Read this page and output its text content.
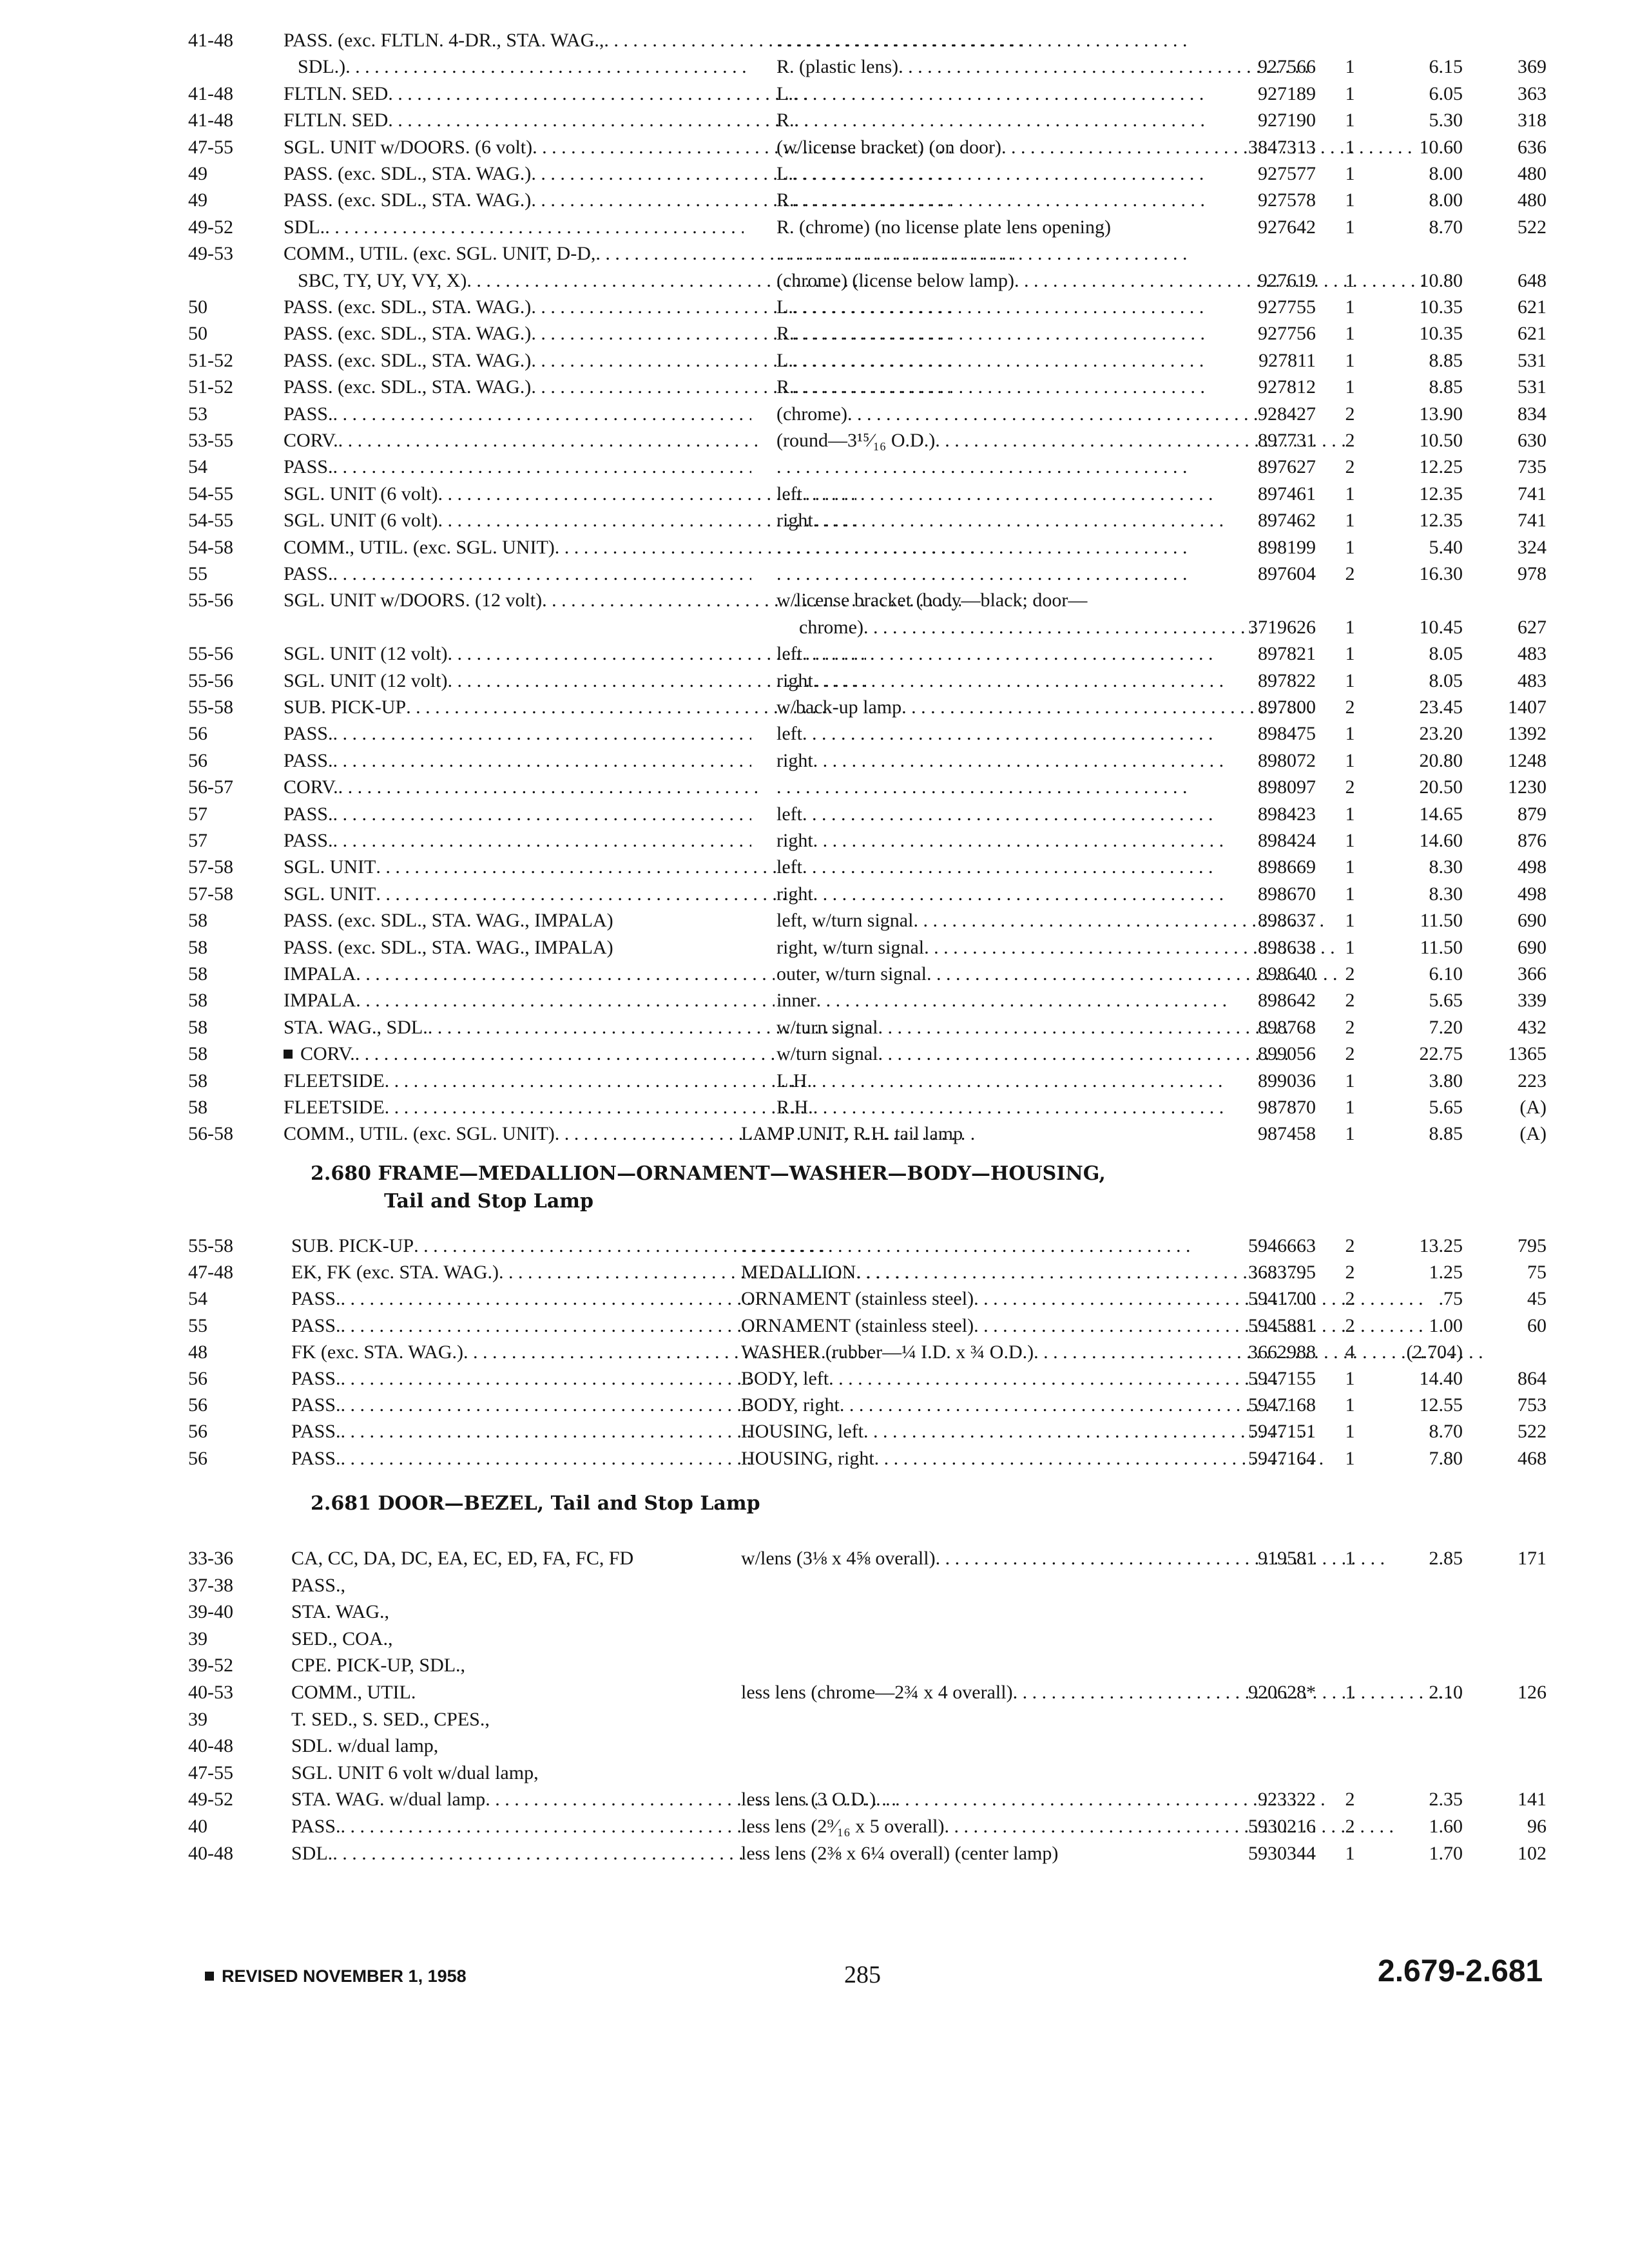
41-48	PASS. (exc. FLTLN. 4-DR., STA. WAG.,. . .
. . .
SDL.) . . .	R. (plastic lens) . . .	927566	1	6.15	369
41-48	FLTLN. SED . . .	L. . . .	927189	1	6.05	363
41-48	FLTLN. SED . . .	R. . . .	927190	1	5.30	318
47-55	SGL. UNIT w/DOORS. (6 volt) . . .	(w/license bracket) (on door) . . .	3847313	1	10.60	636
49	PASS. (exc. SDL., STA. WAG.) . . .	L. . . .	927577	1	8.00	480
49	PASS. (exc. SDL., STA. WAG.) . . .	R. . . .	927578	1	8.00	480
49-52	SDL. . . .	R. (chrome) (no license plate lens opening)	927642	1	8.70	522
49-53	COMM., UTIL. (exc. SGL. UNIT, D-D,. . .
. . .
SBC, TY, UY, VY, X) . . .	(chrome) (license below lamp) . . .	927619	1	10.80	648
50	PASS. (exc. SDL., STA. WAG.) . . .	L. . . .	927755	1	10.35	621
50	PASS. (exc. SDL., STA. WAG.) . . .	R. . . .	927756	1	10.35	621
51-52	PASS. (exc. SDL., STA. WAG.) . . .	L. . . .	927811	1	8.85	531
51-52	PASS. (exc. SDL., STA. WAG.) . . .	R. . . .	927812	1	8.85	531
53	PASS. . . .	(chrome) . . .	928427	2	13.90	834
53-55	CORV. . . .	(round—3¹⁵⁄₁₆ O.D.) . . .	897731	2	10.50	630
54	PASS. . . . . . .	897627	2	12.25	735
54-55	SGL. UNIT (6 volt) . . .	left . . .	897461	1	12.35	741
54-55	SGL. UNIT (6 volt) . . .	right . . .	897462	1	12.35	741
54-58	COMM., UTIL. (exc. SGL. UNIT) . . . . . .	898199	1	5.40	324
55	PASS. . . . . . .	897604	2	16.30	978
55-56	SGL. UNIT w/DOORS. (12 volt) . . .	w/license bracket (body—black; door—
chrome) . . .	3719626	1	10.45	627
55-56	SGL. UNIT (12 volt) . . .	left . . .	897821	1	8.05	483
55-56	SGL. UNIT (12 volt) . . .	right . . .	897822	1	8.05	483
55-58	SUB. PICK-UP . . .	w/back-up lamp . . .	897800	2	23.45	1407
56	PASS. . . .	left . . .	898475	1	23.20	1392
56	PASS. . . .	right . . .	898072	1	20.80	1248
56-57	CORV. . . . . . .	898097	2	20.50	1230
57	PASS. . . .	left . . .	898423	1	14.65	879
57	PASS. . . .	right . . .	898424	1	14.60	876
57-58	SGL. UNIT . . .	left . . .	898669	1	8.30	498
57-58	SGL. UNIT . . .	right . . .	898670	1	8.30	498
58	PASS. (exc. SDL., STA. WAG., IMPALA)	left, w/turn signal . . .	898637	1	11.50	690
58	PASS. (exc. SDL., STA. WAG., IMPALA)	right, w/turn signal . . .	898638	1	11.50	690
58	IMPALA . . .	outer, w/turn signal . . .	898640	2	6.10	366
58	IMPALA . . .	inner . . .	898642	2	5.65	339
58	STA. WAG., SDL. . . .	w/turn signal . . .	898768	2	7.20	432
58	CORV. . . .	w/turn signal . . .	899056	2	22.75	1365
58	FLEETSIDE . . .	L.H. . . .	899036	1	3.80	223
58	FLEETSIDE . . .	R.H. . . .	987870	1	5.65	(A)
56-58	COMM., UTIL. (exc. SGL. UNIT) . . .	LAMP UNIT, R.H. tail lamp	987458	1	8.85	(A)
2.680 FRAME—MEDALLION—ORNAMENT—WASHER—BODY—HOUSING,
Tail and Stop Lamp
55-58	SUB. PICK-UP . . . . . .	5946663	2	13.25	795
47-48	EK, FK (exc. STA. WAG.) . . .	MEDALLION . . .	3683795	2	1.25	75
54	PASS. . . .	ORNAMENT (stainless steel) . . .	5941700	2	.75	45
55	PASS. . . .	ORNAMENT (stainless steel) . . .	5945881	2	1.00	60
48	FK (exc. STA. WAG.) . . .	WASHER (rubber—¼ I.D. x ¾ O.D.) . . .	3662988	4	(2.704)
56	PASS. . . .	BODY, left . . .	5947155	1	14.40	864
56	PASS. . . .	BODY, right . . .	5947168	1	12.55	753
56	PASS. . . .	HOUSING, left . . .	5947151	1	8.70	522
56	PASS. . . .	HOUSING, right . . .	5947164	1	7.80	468
2.681 DOOR—BEZEL, Tail and Stop Lamp
33-36	CA, CC, DA, DC, EA, EC, ED, FA, FC, FD	w/lens (3⅛ x 4⅝ overall) . . .	919581	1	2.85	171
37-38	PASS.,
39-40	STA. WAG.,
39	SED., COA.,
39-52	CPE. PICK-UP, SDL.,
40-53	COMM., UTIL.	less lens (chrome—2¾ x 4 overall) . . .	920628*	1	2.10	126
39	T. SED., S. SED., CPES.,
40-48	SDL. w/dual lamp,
47-55	SGL. UNIT 6 volt w/dual lamp,
49-52	STA. WAG. w/dual lamp . . .	less lens (3 O.D.) . . .	923322	2	2.35	141
40	PASS. . . .	less lens (2⁹⁄₁₆ x 5 overall) . . .	5930216	2	1.60	96
40-48	SDL. . . .	less lens (2⅜ x 6¼ overall) (center lamp)	5930344	1	1.70	102
REVISED NOVEMBER 1, 1958	285	2.679-2.681
